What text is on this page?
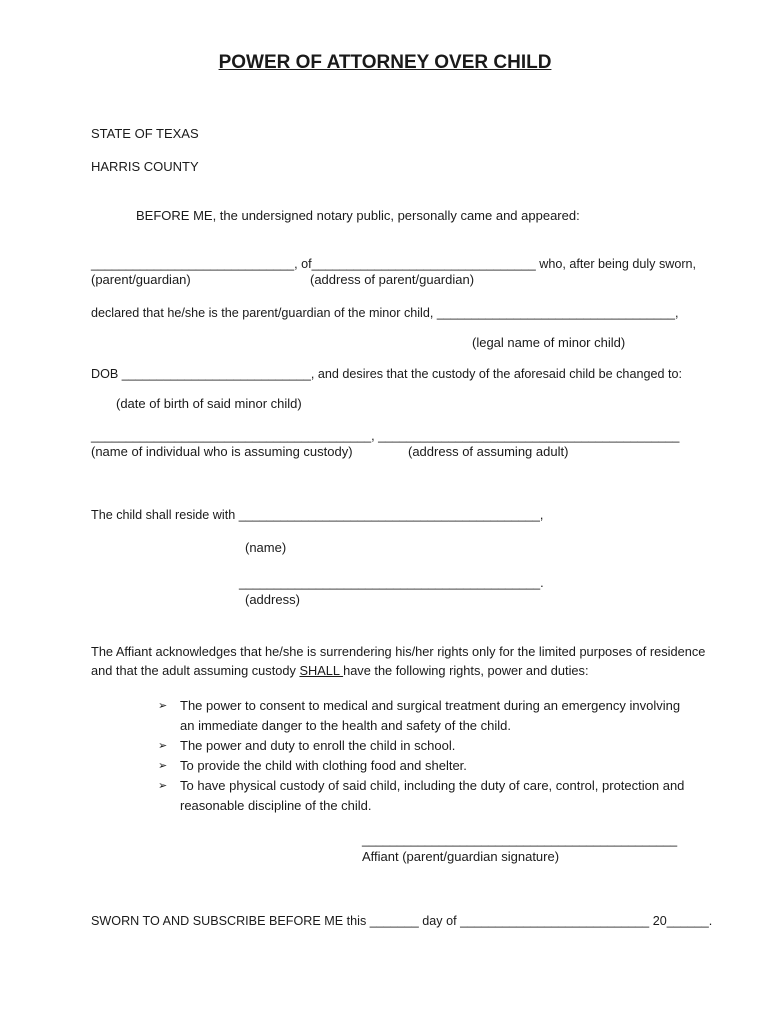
POWER OF ATTORNEY OVER CHILD
STATE OF TEXAS
HARRIS COUNTY
BEFORE ME, the undersigned notary public, personally came and appeared:
_____________________________, of________________________________ who, after being duly sworn,
(parent/guardian)	(address of parent/guardian)
declared that he/she is the parent/guardian of the minor child, __________________________________,
(legal name of minor child)
DOB ___________________________, and desires that the custody of the aforesaid child be changed to:
(date of birth of said minor child)
________________________________________, ___________________________________________
(name of individual who is assuming custody)	(address of assuming adult)
The child shall reside with ___________________________________________,
(name)
___________________________________________.
(address)
The Affiant acknowledges that he/she is surrendering his/her rights only for the limited purposes of residence
and that the adult assuming custody SHALL have the following rights, power and duties:
➢ The power to consent to medical and surgical treatment during an emergency involving an immediate danger to the health and safety of the child.
➢ The power and duty to enroll the child in school.
➢ To provide the child with clothing food and shelter.
➢ To have physical custody of said child, including the duty of care, control, protection and reasonable discipline of the child.
_____________________________________________
Affiant (parent/guardian signature)
SWORN TO AND SUBSCRIBE BEFORE ME this _______ day of ___________________________ 20______.
